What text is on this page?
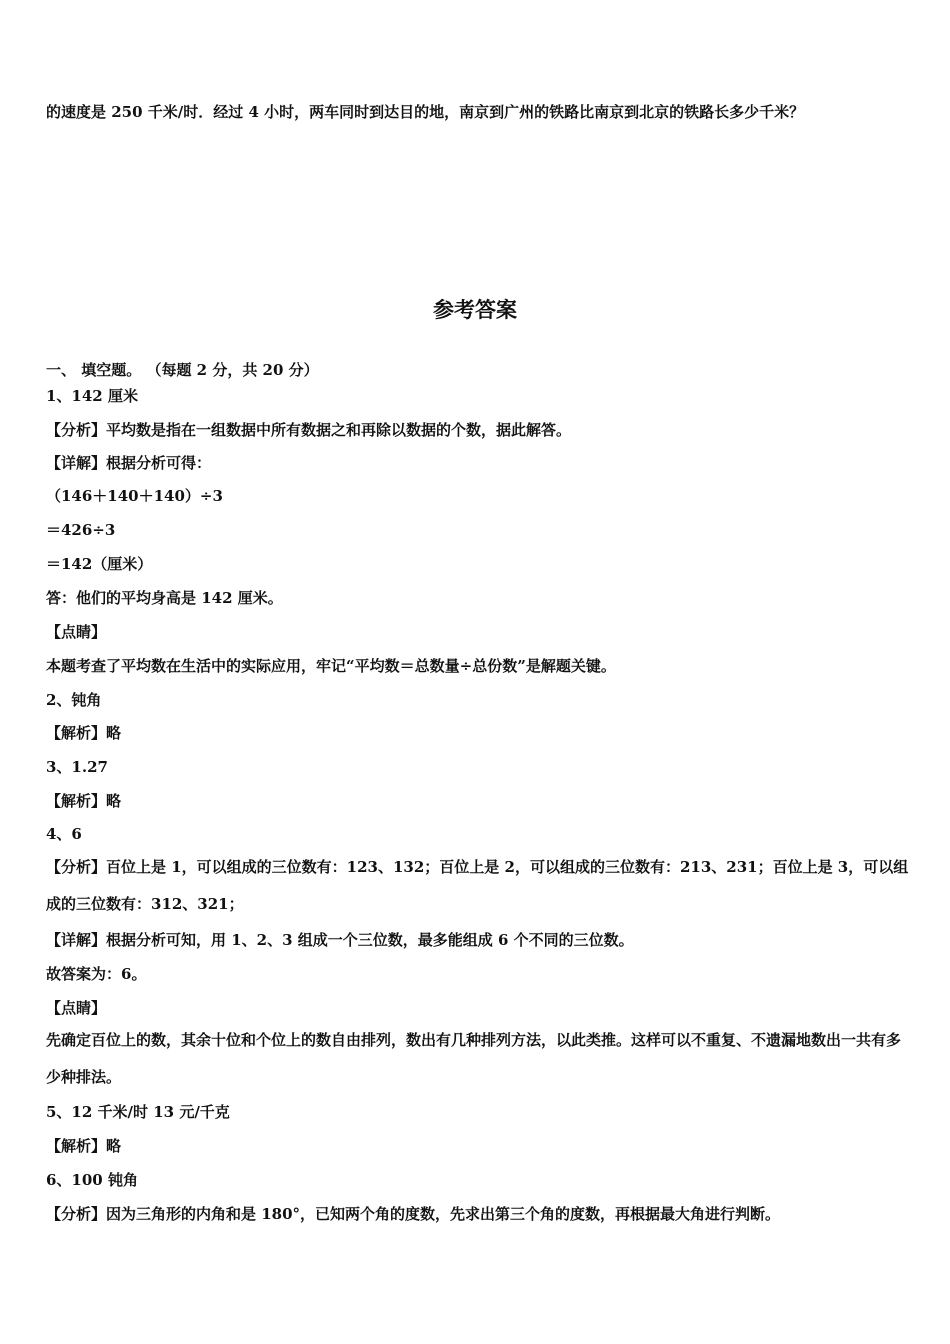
的速度是 250 千米/时．经过 4 小时，两车同时到达目的地，南京到广州的铁路比南京到北京的铁路长多少千米？
参考答案
一、 填空题。 （每题 2 分，共 20 分）
1、142 厘米
【分析】平均数是指在一组数据中所有数据之和再除以数据的个数，据此解答。
【详解】根据分析可得：
（146＋140＋140）÷3
＝426÷3
＝142（厘米）
答：他们的平均身高是 142 厘米。
【点睛】
本题考查了平均数在生活中的实际应用，牢记“平均数＝总数量÷总份数”是解题关键。
2、钝角
【解析】略
3、1.27
【解析】略
4、6
【分析】百位上是 1，可以组成的三位数有：123、132；百位上是 2，可以组成的三位数有：213、231；百位上是 3，可以组成的三位数有：312、321；
【详解】根据分析可知，用 1、2、3 组成一个三位数，最多能组成 6 个不同的三位数。
故答案为：6。
【点睛】
先确定百位上的数，其余十位和个位上的数自由排列，数出有几种排列方法，以此类推。这样可以不重复、不遗漏地数出一共有多少种排法。
5、12 千米/时 13 元/千克
【解析】略
6、100 钝角
【分析】因为三角形的内角和是 180°，已知两个角的度数，先求出第三个角的度数，再根据最大角进行判断。
